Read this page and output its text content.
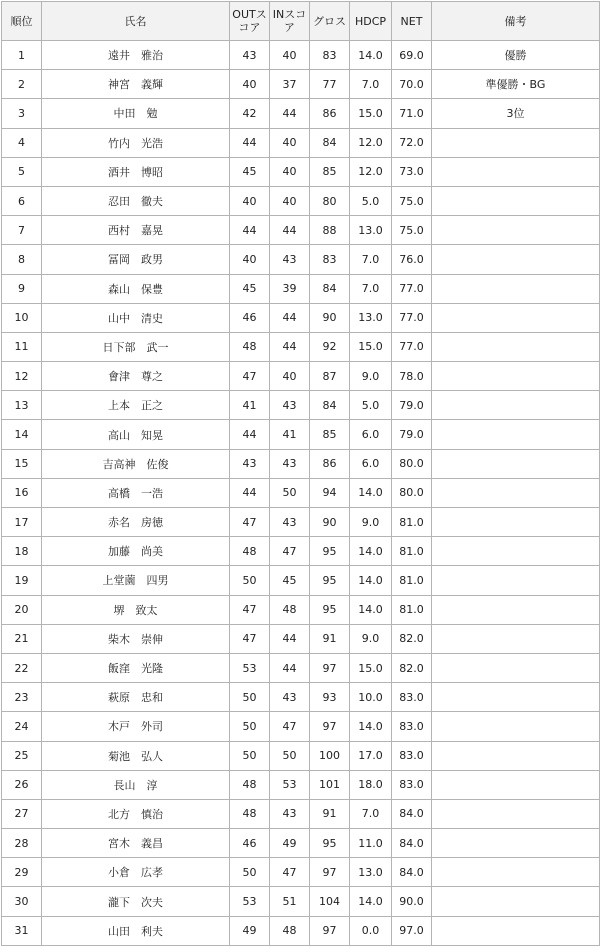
順位	氏名	OUTスコア	INスコア	グロス	HDCP	NET	備考
1	遠井　雅治	43	40	83	14.0	69.0	優勝
2	神宮　義輝	40	37	77	7.0	70.0	準優勝・BG
3	中田　勉	42	44	86	15.0	71.0	3位
4	竹内　光浩	44	40	84	12.0	72.0	
5	酒井　博昭	45	40	85	12.0	73.0	
6	忍田　徹夫	40	40	80	5.0	75.0	
7	西村　嘉晃	44	44	88	13.0	75.0	
8	冨岡　政男	40	43	83	7.0	76.0	
9	森山　保豊	45	39	84	7.0	77.0	
10	山中　清史	46	44	90	13.0	77.0	
11	日下部　武一	48	44	92	15.0	77.0	
12	會津　尊之	47	40	87	9.0	78.0	
13	上本　正之	41	43	84	5.0	79.0	
14	高山　知晃	44	41	85	6.0	79.0	
15	吉高神　佐俊	43	43	86	6.0	80.0	
16	高橋　一浩	44	50	94	14.0	80.0	
17	赤名　房徳	47	43	90	9.0	81.0	
18	加藤　尚美	48	47	95	14.0	81.0	
19	上堂薗　四男	50	45	95	14.0	81.0	
20	堺　致太	47	48	95	14.0	81.0	
21	柴木　崇伸	47	44	91	9.0	82.0	
22	飯窪　光隆	53	44	97	15.0	82.0	
23	萩原　忠和	50	43	93	10.0	83.0	
24	木戸　外司	50	47	97	14.0	83.0	
25	菊池　弘人	50	50	100	17.0	83.0	
26	長山　淳	48	53	101	18.0	83.0	
27	北方　慎治	48	43	91	7.0	84.0	
28	宮木　義昌	46	49	95	11.0	84.0	
29	小倉　広孝	50	47	97	13.0	84.0	
30	瀧下　次夫	53	51	104	14.0	90.0	
31	山田　利夫	49	48	97	0.0	97.0	
